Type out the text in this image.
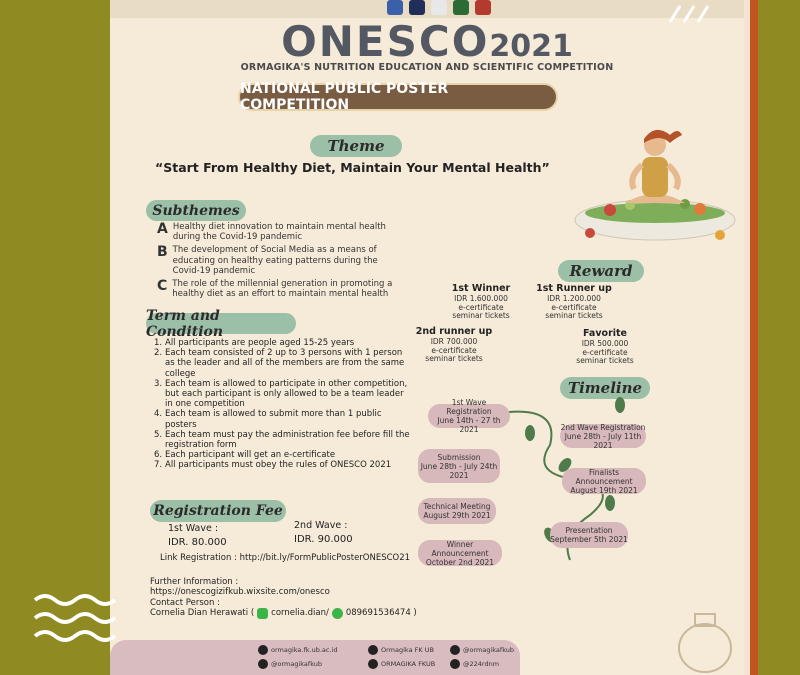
ONESCO2021
ORMAGIKA'S NUTRITION EDUCATION AND SCIENTIFIC COMPETITION
NATIONAL PUBLIC POSTER COMPETITION
Theme
“Start From Healthy Diet, Maintain Your Mental Health”
Subthemes
A Healthy diet innovation to maintain mental health during the Covid-19 pandemic
B The development of Social Media as a means of educating on healthy eating patterns during the Covid-19 pandemic
C The role of the millennial generation in promoting a healthy diet as an effort to maintain mental health
Term and Condition
1. All participants are people aged 15-25 years
2. Each team consisted of 2 up to 3 persons with 1 person as the leader and all of the members are from the same college
3. Each team is allowed to participate in other competition, but each participant is only allowed to be a team leader in one competition
4. Each team is allowed to submit more than 1 public posters
5. Each team must pay the administration fee before fill the registration form
6. Each participant will get an e-certificate
7. All participants must obey the rules of ONESCO 2021
Registration Fee
1st Wave :
IDR. 80.000
2nd Wave :
IDR. 90.000
Link Registration : http://bit.ly/FormPublicPosterONESCO21
Further Information :
https://onescogizifkub.wixsite.com/onesco
Contact Person :
Cornelia Dian Herawati ( cornelia.dian/ 089691536474 )
Reward
1st Winner
IDR 1.600.000
e-certificate
seminar tickets
1st Runner up
IDR 1.200.000
e-certificate
seminar tickets
2nd runner up
IDR 700.000
e-certificate
seminar tickets
Favorite
IDR 500.000
e-certificate
seminar tickets
Timeline
1st Wave Registration
June 14th - 27 th 2021	2nd Wave Registration
June 28th - July 11th 2021
Submission
June 28th - July 24th 2021	Finalists Announcement
August 19th 2021
Technical Meeting
August 29th 2021
Presentation
September 5th 2021
Winner Announcement
October 2nd 2021
ormagika.fk.ub.ac.id	Ormagika FK UB	@ormagikafkub
@ormagikafkub	ORMAGIKA FKUB	@224rdnm
